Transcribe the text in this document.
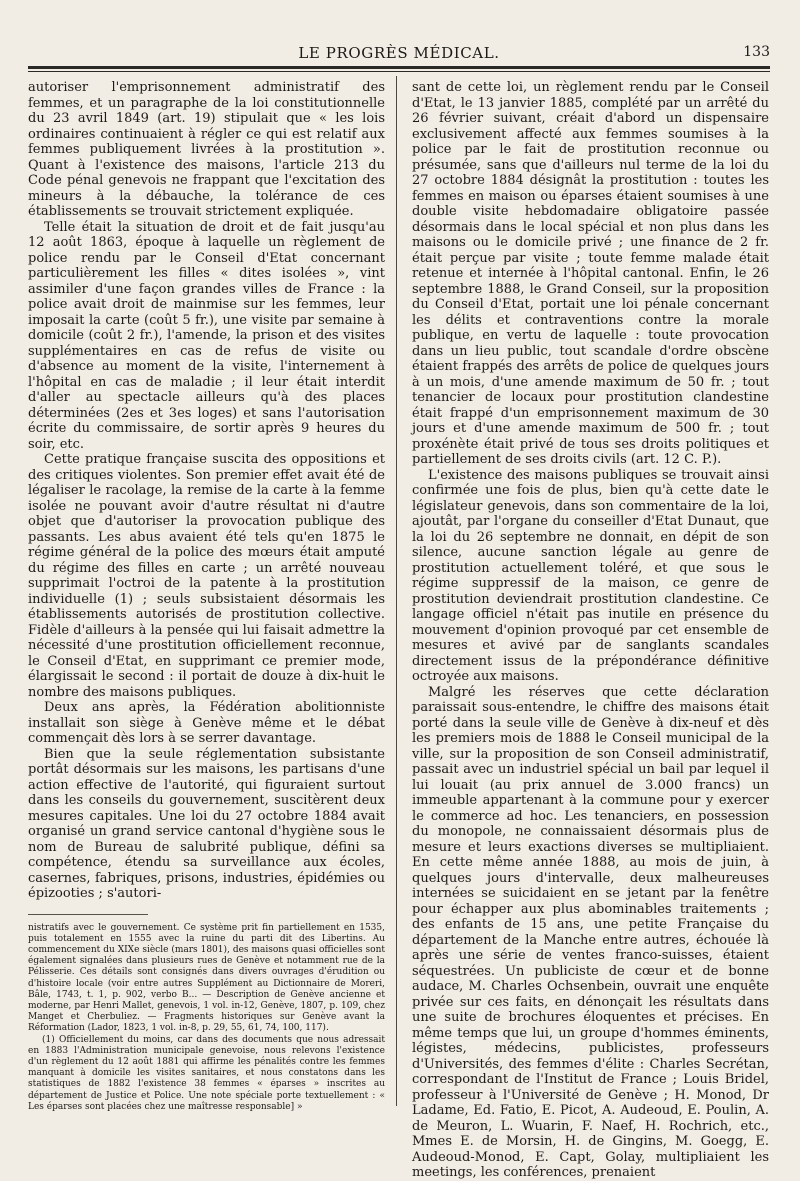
LE PROGRÈS MÉDICAL.	133

autoriser l'emprisonnement administratif des femmes, et un paragraphe de la loi constitutionnelle du 23 avril 1849 (art. 19) stipulait que « les lois ordinaires continuaient à régler ce qui est relatif aux femmes publiquement livrées à la prostitution ». Quant à l'existence des maisons, l'article 213 du Code pénal genevois ne frappant que l'excitation des mineurs à la débauche, la tolérance de ces établissements se trouvait strictement expliquée.

Telle était la situation de droit et de fait jusqu'au 12 août 1863, époque à laquelle un règlement de police rendu par le Conseil d'Etat concernant particulièrement les filles « dites isolées », vint assimiler d'une façon grandes villes de France : la police avait droit de mainmise sur les femmes, leur imposait la carte (coût 5 fr.), une visite par semaine à domicile (coût 2 fr.), l'amende, la prison et des visites supplémentaires en cas de refus de visite ou d'absence au moment de la visite, l'internement à l'hôpital en cas de maladie ; il leur était interdit d'aller au spectacle ailleurs qu'à des places déterminées (2es et 3es loges) et sans l'autorisation écrite du commissaire, de sortir après 9 heures du soir, etc.

Cette pratique française suscita des oppositions et des critiques violentes. Son premier effet avait été de légaliser le racolage, la remise de la carte à la femme isolée ne pouvant avoir d'autre résultat ni d'autre objet que d'autoriser la provocation publique des passants. Les abus avaient été tels qu'en 1875 le régime général de la police des mœurs était amputé du régime des filles en carte ; un arrêté nouveau supprimait l'octroi de la patente à la prostitution individuelle (1) ; seuls subsistaient désormais les établissements autorisés de prostitution collective. Fidèle d'ailleurs à la pensée qui lui faisait admettre la nécessité d'une prostitution officiellement reconnue, le Conseil d'Etat, en supprimant ce premier mode, élargissait le second : il portait de douze à dix-huit le nombre des maisons publiques.

Deux ans après, la Fédération abolitionniste installait son siège à Genève même et le débat commençait dès lors à se serrer davantage.

Bien que la seule réglementation subsistante portât désormais sur les maisons, les partisans d'une action effective de l'autorité, qui figuraient surtout dans les conseils du gouvernement, suscitèrent deux mesures capitales. Une loi du 27 octobre 1884 avait organisé un grand service cantonal d'hygiène sous le nom de Bureau de salubrité publique, défini sa compétence, étendu sa surveillance aux écoles, casernes, fabriques, prisons, industries, épidémies ou épizooties ; s'autori-

nistratifs avec le gouvernement. Ce système prit fin partiellement en 1535, puis totalement en 1555 avec la ruine du parti dit des Libertins. Au commencement du XIXe siècle (mars 1801), des maisons quasi officielles sont également signalées dans plusieurs rues de Genève et notamment rue de la Pélisserie. Ces détails sont consignés dans divers ouvrages d'érudition ou d'histoire locale (voir entre autres Supplément au Dictionnaire de Moreri, Bâle, 1743, t. 1, p. 902, verbo B... — Description de Genève ancienne et moderne, par Henri Mallet, genevois, 1 vol. in-12, Genève, 1807, p. 109, chez Manget et Cherbuliez. — Fragments historiques sur Genève avant la Réformation (Lador, 1823, 1 vol. in-8, p. 29, 55, 61, 74, 100, 117).

(1) Officiellement du moins, car dans des documents que nous adressait en 1883 l'Administration municipale genevoise, nous relevons l'existence d'un règlement du 12 août 1881 qui affirme les pénalités contre les femmes manquant à domicile les visites sanitaires, et nous constatons dans les statistiques de 1882 l'existence 38 femmes « éparses » inscrites au département de Justice et Police. Une note spéciale porte textuellement : « Les éparses sont placées chez une maîtresse responsable] »

sant de cette loi, un règlement rendu par le Conseil d'Etat, le 13 janvier 1885, complété par un arrêté du 26 février suivant, créait d'abord un dispensaire exclusivement affecté aux femmes soumises à la police par le fait de prostitution reconnue ou présumée, sans que d'ailleurs nul terme de la loi du 27 octobre 1884 désignât la prostitution : toutes les femmes en maison ou éparses étaient soumises à une double visite hebdomadaire obligatoire passée désormais dans le local spécial et non plus dans les maisons ou le domicile privé ; une finance de 2 fr. était perçue par visite ; toute femme malade était retenue et internée à l'hôpital cantonal. Enfin, le 26 septembre 1888, le Grand Conseil, sur la proposition du Conseil d'Etat, portait une loi pénale concernant les délits et contraventions contre la morale publique, en vertu de laquelle : toute provocation dans un lieu public, tout scandale d'ordre obscène étaient frappés des arrêts de police de quelques jours à un mois, d'une amende maximum de 50 fr. ; tout tenancier de locaux pour prostitution clandestine était frappé d'un emprisonnement maximum de 30 jours et d'une amende maximum de 500 fr. ; tout proxénète était privé de tous ses droits politiques et partiellement de ses droits civils (art. 12 C. P.).

L'existence des maisons publiques se trouvait ainsi confirmée une fois de plus, bien qu'à cette date le législateur genevois, dans son commentaire de la loi, ajoutât, par l'organe du conseiller d'Etat Dunaut, que la loi du 26 septembre ne donnait, en dépit de son silence, aucune sanction légale au genre de prostitution actuellement toléré, et que sous le régime suppressif de la maison, ce genre de prostitution deviendrait prostitution clandestine. Ce langage officiel n'était pas inutile en présence du mouvement d'opinion provoqué par cet ensemble de mesures et avivé par de sanglants scandales directement issus de la prépondérance définitive octroyée aux maisons.

Malgré les réserves que cette déclaration paraissait sous-entendre, le chiffre des maisons était porté dans la seule ville de Genève à dix-neuf et dès les premiers mois de 1888 le Conseil municipal de la ville, sur la proposition de son Conseil administratif, passait avec un industriel spécial un bail par lequel il lui louait (au prix annuel de 3.000 francs) un immeuble appartenant à la commune pour y exercer le commerce ad hoc. Les tenanciers, en possession du monopole, ne connaissaient désormais plus de mesure et leurs exactions diverses se multipliaient. En cette même année 1888, au mois de juin, à quelques jours d'intervalle, deux malheureuses internées se suicidaient en se jetant par la fenêtre pour échapper aux plus abominables traitements ; des enfants de 15 ans, une petite Française du département de la Manche entre autres, échouée là après une série de ventes franco-suisses, étaient séquestrées. Un publiciste de cœur et de bonne audace, M. Charles Ochsenbein, ouvrait une enquête privée sur ces faits, en dénonçait les résultats dans une suite de brochures éloquentes et précises. En même temps que lui, un groupe d'hommes éminents, légistes, médecins, publicistes, professeurs d'Universités, des femmes d'élite : Charles Secrétan, correspondant de l'Institut de France ; Louis Bridel, professeur à l'Université de Genève ; H. Monod, Dr Ladame, Ed. Fatio, E. Picot, A. Audeoud, E. Poulin, A. de Meuron, L. Wuarin, F. Naef, H. Rochrich, etc., Mmes E. de Morsin, H. de Gingins, M. Goegg, E. Audeoud-Monod, E. Capt, Golay, multipliaient les meetings, les conférences, prenaient
